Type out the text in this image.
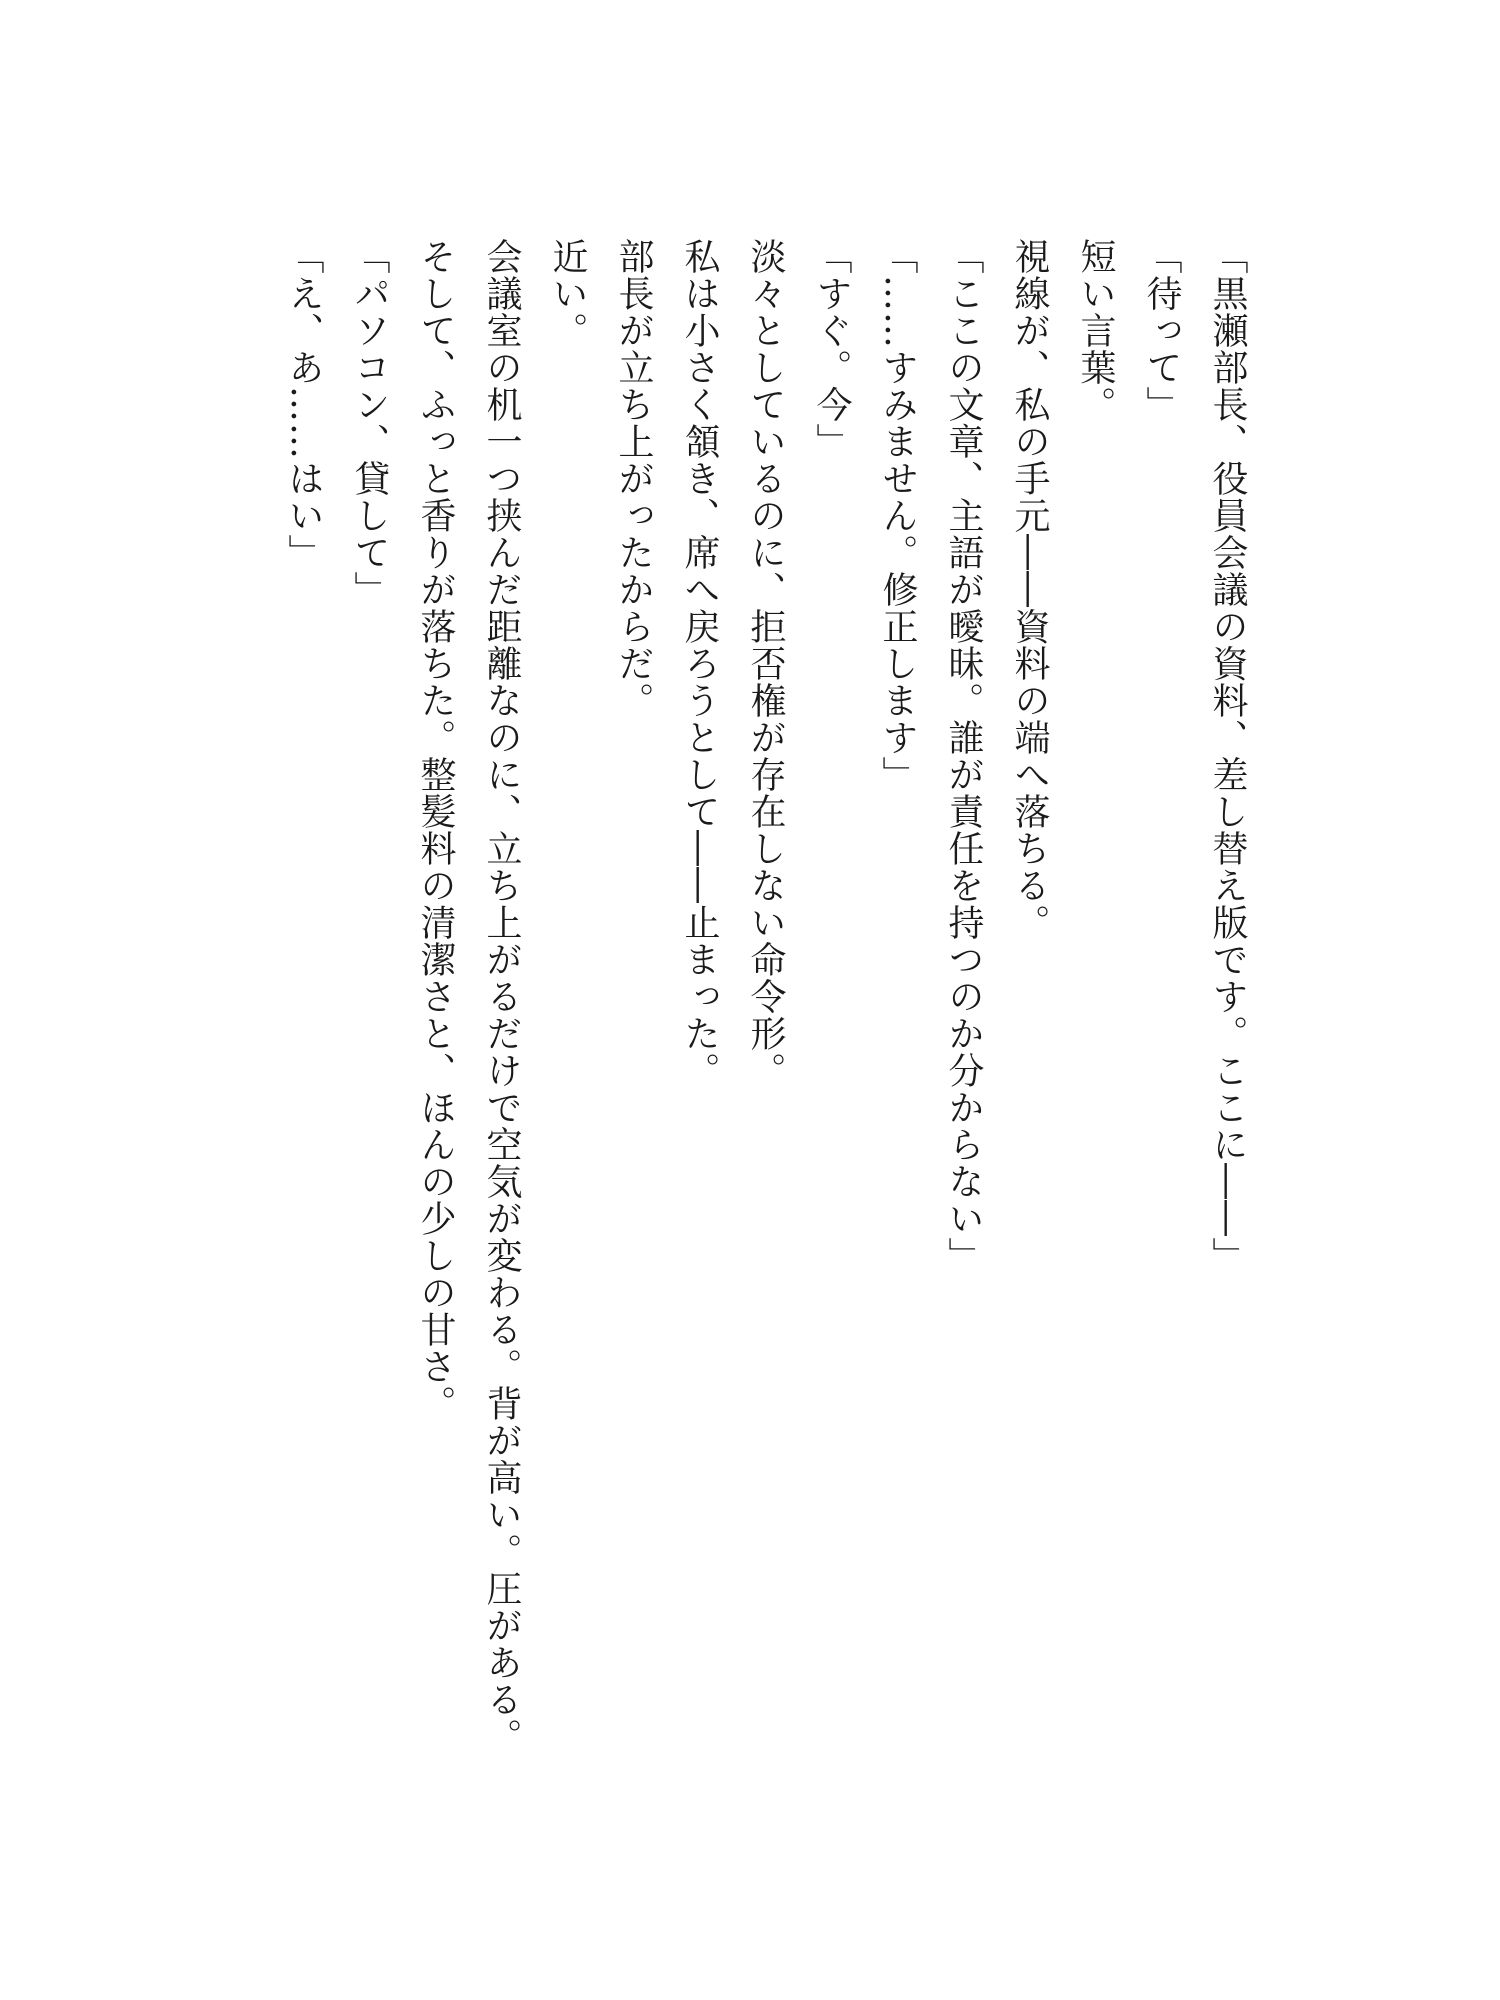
「黒瀬部長、役員会議の資料、差し替え版です。ここに――」

「待って」

短い言葉。

視線が、私の手元――資料の端へ落ちる。

「ここの文章、主語が曖昧。誰が責任を持つのか分からない」

「……すみません。修正します」

「すぐ。今」

淡々としているのに、拒否権が存在しない命令形。

私は小さく頷き、席へ戻ろうとして――止まった。

部長が立ち上がったからだ。

近い。

会議室の机一つ挟んだ距離なのに、立ち上がるだけで空気が変わる。背が高い。圧がある。

そして、ふっと香りが落ちた。整髪料の清潔さと、ほんの少しの甘さ。

「パソコン、貸して」

「え、あ……はい」
